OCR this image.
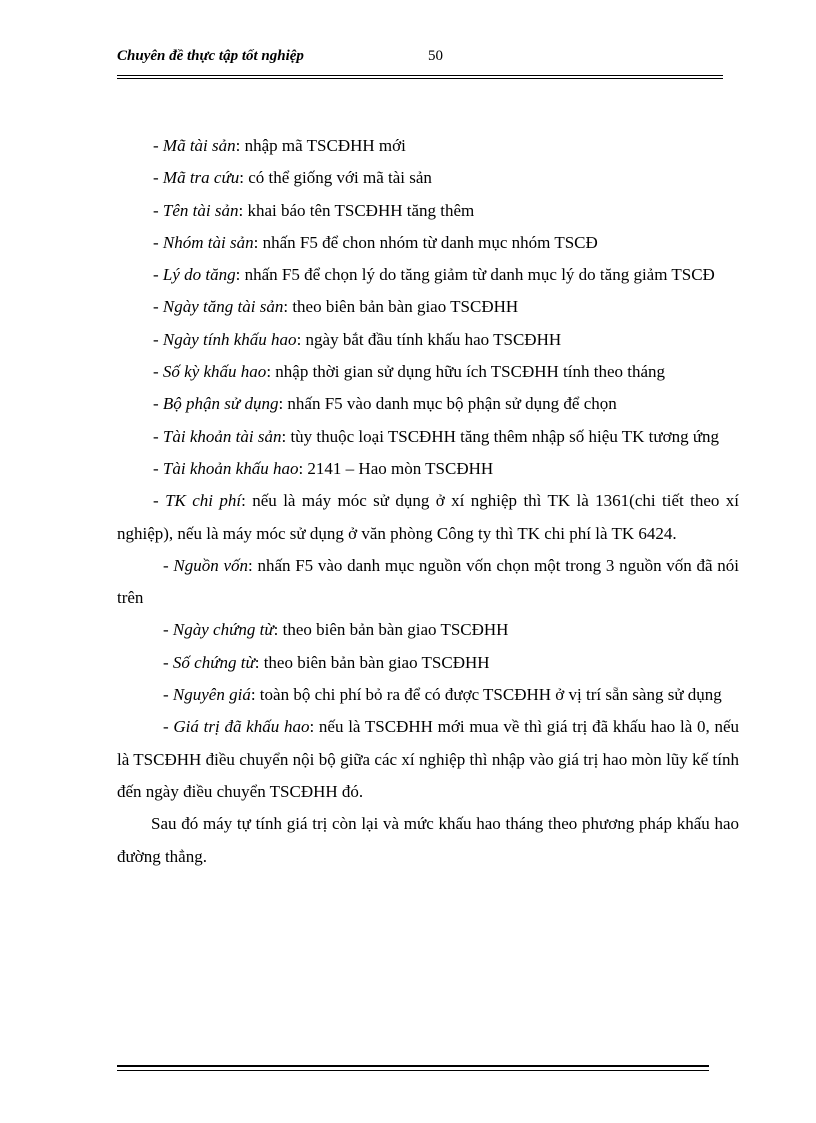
Chuyên đề thực tập tốt nghiệp	50

- Mã tài sản: nhập mã TSCĐHH mới

- Mã tra cứu: có thể giống với mã tài sản

- Tên tài sản: khai báo tên TSCĐHH tăng thêm

- Nhóm tài sản: nhấn F5 để chon nhóm từ danh mục nhóm TSCĐ

- Lý do tăng: nhấn F5 để chọn lý do tăng giảm từ danh mục lý do tăng giảm TSCĐ

- Ngày tăng tài sản: theo biên bản bàn giao TSCĐHH

- Ngày tính khấu hao: ngày bắt đầu tính khấu hao TSCĐHH

- Số kỳ khấu hao: nhập thời gian sử dụng hữu ích TSCĐHH tính theo tháng

- Bộ phận sử dụng: nhấn F5 vào danh mục bộ phận sử dụng để chọn

- Tài khoản tài sản: tùy thuộc loại TSCĐHH tăng thêm nhập số hiệu TK tương ứng

- Tài khoản khấu hao: 2141 – Hao mòn TSCĐHH

- TK chi phí: nếu là máy móc sử dụng ở xí nghiệp thì TK là 1361(chi tiết theo xí nghiệp), nếu là máy móc sử dụng ở văn phòng Công ty thì TK chi phí là TK 6424.

- Nguồn vốn: nhấn F5 vào danh mục nguồn vốn chọn một trong 3 nguồn vốn đã nói trên

- Ngày chứng từ: theo biên bản bàn giao TSCĐHH

- Số chứng từ: theo biên bản bàn giao TSCĐHH

- Nguyên giá: toàn bộ chi phí bỏ ra để có được TSCĐHH ở vị trí sẵn sàng sử dụng

- Giá trị đã khấu hao: nếu là TSCĐHH mới mua về thì giá trị đã khấu hao là 0, nếu là TSCĐHH điều chuyển nội bộ giữa các xí nghiệp thì nhập vào giá trị hao mòn lũy kế tính đến ngày điều chuyển TSCĐHH đó.

Sau đó máy tự tính giá trị còn lại và mức khấu hao tháng theo phương pháp khấu hao đường thẳng.
